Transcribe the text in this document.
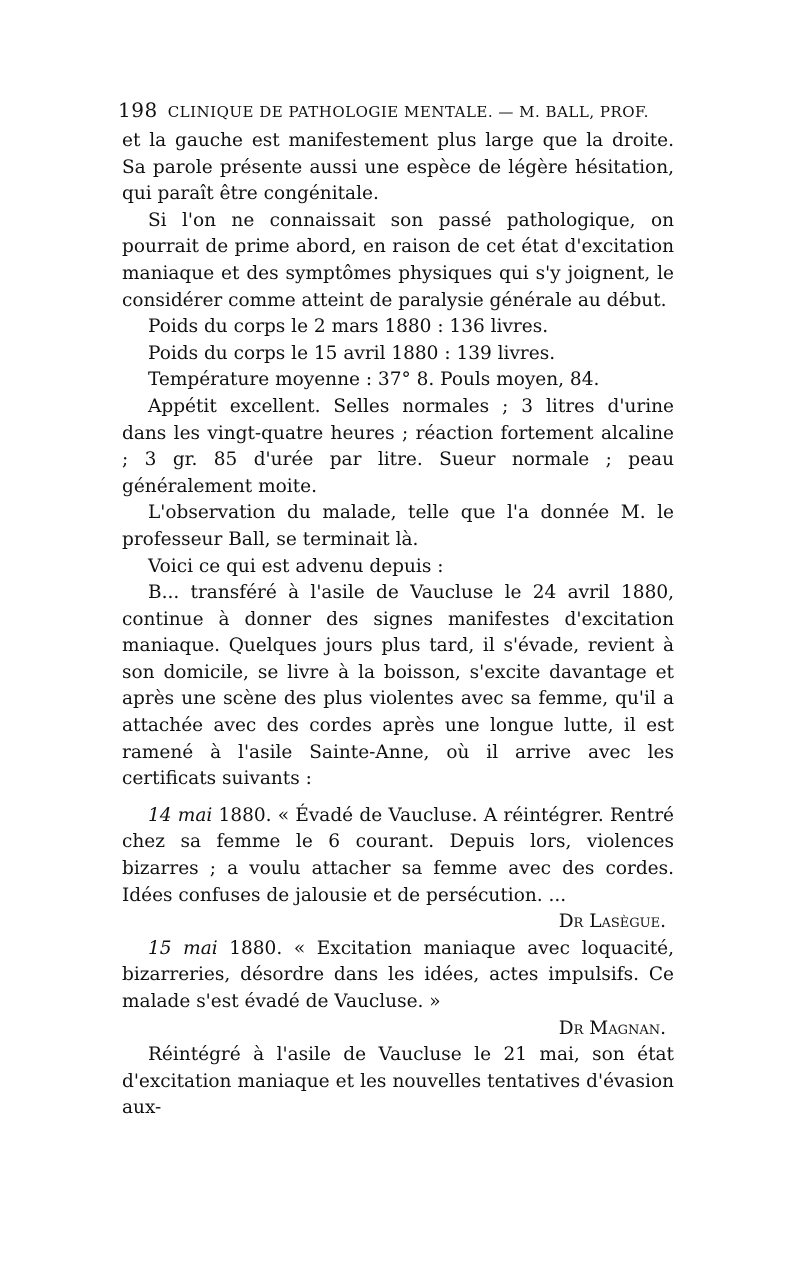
198 CLINIQUE DE PATHOLOGIE MENTALE. — M. BALL, PROF.

et la gauche est manifestement plus large que la droite. Sa parole présente aussi une espèce de légère hésitation, qui paraît être congénitale.

Si l'on ne connaissait son passé pathologique, on pourrait de prime abord, en raison de cet état d'excitation maniaque et des symptômes physiques qui s'y joignent, le considérer comme atteint de paralysie générale au début.

Poids du corps le 2 mars 1880 : 136 livres.

Poids du corps le 15 avril 1880 : 139 livres.

Température moyenne : 37° 8. Pouls moyen, 84.

Appétit excellent. Selles normales ; 3 litres d'urine dans les vingt-quatre heures ; réaction fortement alcaline ; 3 gr. 85 d'urée par litre. Sueur normale ; peau généralement moite.

L'observation du malade, telle que l'a donnée M. le professeur Ball, se terminait là.

Voici ce qui est advenu depuis :

B... transféré à l'asile de Vaucluse le 24 avril 1880, continue à donner des signes manifestes d'excitation maniaque. Quelques jours plus tard, il s'évade, revient à son domicile, se livre à la boisson, s'excite davantage et après une scène des plus violentes avec sa femme, qu'il a attachée avec des cordes après une longue lutte, il est ramené à l'asile Sainte-Anne, où il arrive avec les certificats suivants :

14 mai 1880. « Évadé de Vaucluse. A réintégrer. Rentré chez sa femme le 6 courant. Depuis lors, violences bizarres ; a voulu attacher sa femme avec des cordes. Idées confuses de jalousie et de persécution. ...

Dr Lasègue.

15 mai 1880. « Excitation maniaque avec loquacité, bizarreries, désordre dans les idées, actes impulsifs. Ce malade s'est évadé de Vaucluse. »

Dr Magnan.

Réintégré à l'asile de Vaucluse le 21 mai, son état d'excitation maniaque et les nouvelles tentatives d'évasion aux-
